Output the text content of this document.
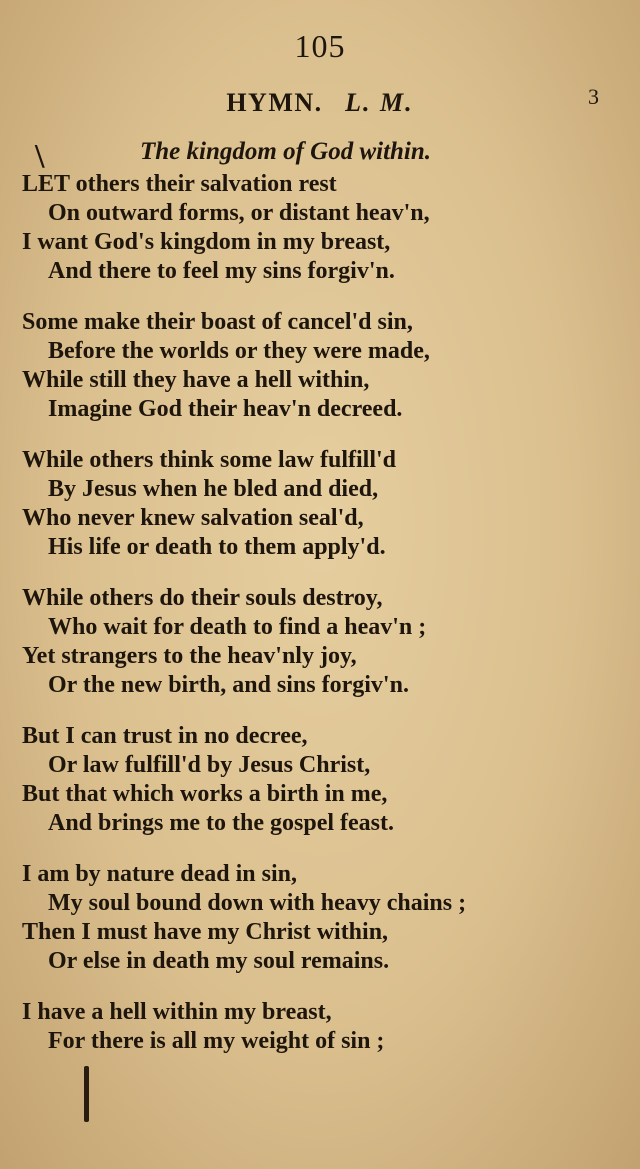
105
HYMN. L. M.	3
\	The kingdom of God within.
LET others their salvation rest
On outward forms, or distant heav'n,
I want God's kingdom in my breast,
And there to feel my sins forgiv'n.
Some make their boast of cancel'd sin,
Before the worlds or they were made,
While still they have a hell within,
Imagine God their heav'n decreed.
While others think some law fulfill'd
By Jesus when he bled and died,
Who never knew salvation seal'd,
His life or death to them apply'd.
While others do their souls destroy,
Who wait for death to find a heav'n ;
Yet strangers to the heav'nly joy,
Or the new birth, and sins forgiv'n.
But I can trust in no decree,
Or law fulfill'd by Jesus Christ,
But that which works a birth in me,
And brings me to the gospel feast.
I am by nature dead in sin,
My soul bound down with heavy chains ;
Then I must have my Christ within,
Or else in death my soul remains.
I have a hell within my breast,
For there is all my weight of sin ;
